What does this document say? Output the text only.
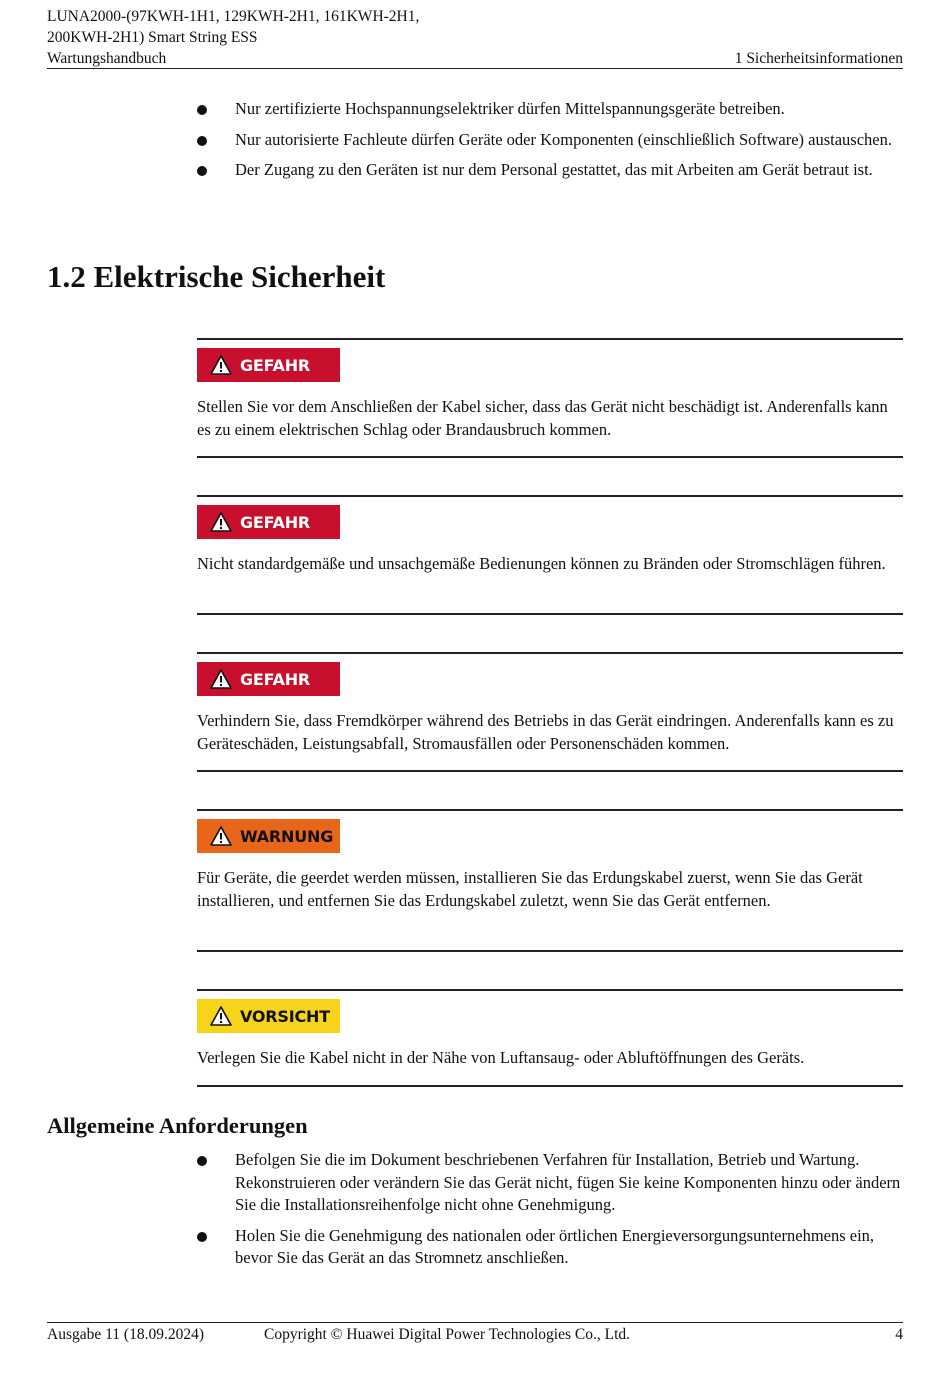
LUNA2000-(97KWH-1H1, 129KWH-2H1, 161KWH-2H1,
200KWH-2H1) Smart String ESS
Wartungshandbuch	1 Sicherheitsinformationen
Nur zertifizierte Hochspannungselektriker dürfen Mittelspannungsgeräte betreiben.
Nur autorisierte Fachleute dürfen Geräte oder Komponenten (einschließlich Software) austauschen.
Der Zugang zu den Geräten ist nur dem Personal gestattet, das mit Arbeiten am Gerät betraut ist.
1.2 Elektrische Sicherheit
GEFAHR
Stellen Sie vor dem Anschließen der Kabel sicher, dass das Gerät nicht beschädigt ist. Anderenfalls kann es zu einem elektrischen Schlag oder Brandausbruch kommen.
GEFAHR
Nicht standardgemäße und unsachgemäße Bedienungen können zu Bränden oder Stromschlägen führen.
GEFAHR
Verhindern Sie, dass Fremdkörper während des Betriebs in das Gerät eindringen. Anderenfalls kann es zu Geräteschäden, Leistungsabfall, Stromausfällen oder Personenschäden kommen.
WARNUNG
Für Geräte, die geerdet werden müssen, installieren Sie das Erdungskabel zuerst, wenn Sie das Gerät installieren, und entfernen Sie das Erdungskabel zuletzt, wenn Sie das Gerät entfernen.
VORSICHT
Verlegen Sie die Kabel nicht in der Nähe von Luftansaug- oder Abluftöffnungen des Geräts.
Allgemeine Anforderungen
Befolgen Sie die im Dokument beschriebenen Verfahren für Installation, Betrieb und Wartung. Rekonstruieren oder verändern Sie das Gerät nicht, fügen Sie keine Komponenten hinzu oder ändern Sie die Installationsreihenfolge nicht ohne Genehmigung.
Holen Sie die Genehmigung des nationalen oder örtlichen Energieversorgungsunternehmens ein, bevor Sie das Gerät an das Stromnetz anschließen.
Ausgabe 11 (18.09.2024)	Copyright © Huawei Digital Power Technologies Co., Ltd.	4
